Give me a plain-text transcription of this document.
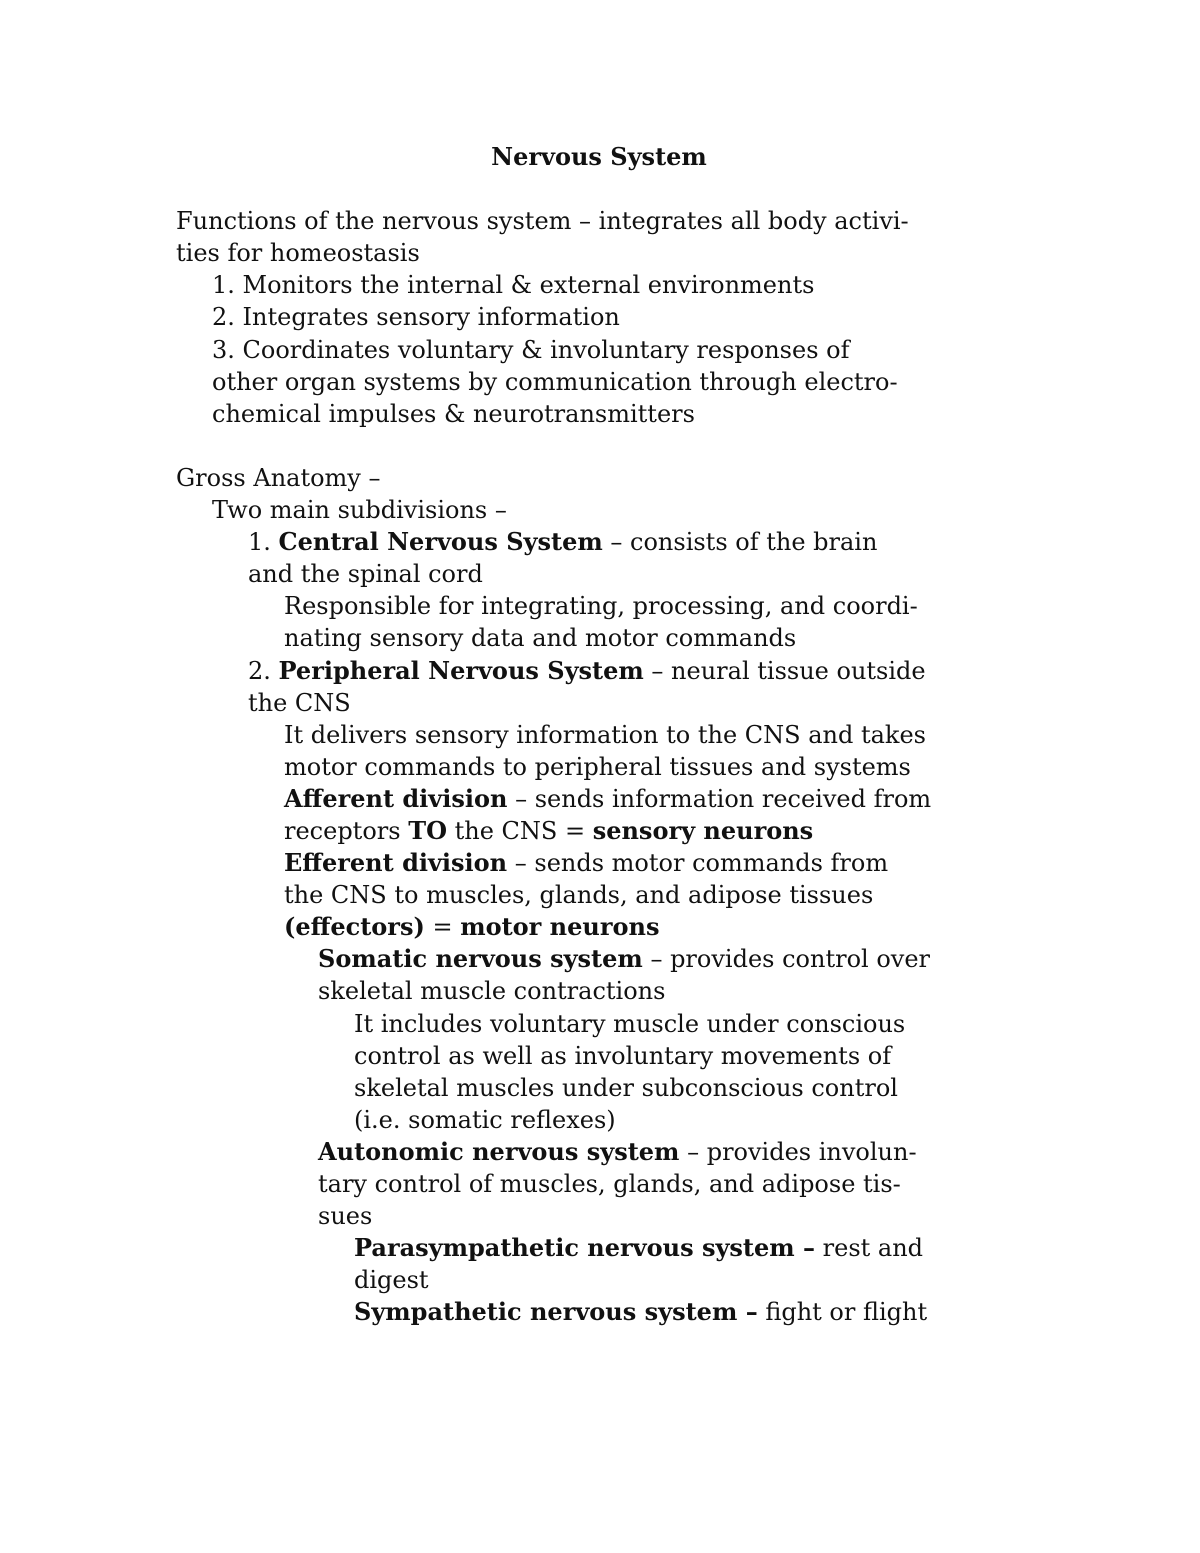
Nervous System
Functions of the nervous system – integrates all body activi-
ties for homeostasis
1. Monitors the internal & external environments
2. Integrates sensory information
3. Coordinates voluntary & involuntary responses of
other organ systems by communication through electro-
chemical impulses & neurotransmitters
Gross Anatomy –
Two main subdivisions –
1. Central Nervous System – consists of the brain
and the spinal cord
Responsible for integrating, processing, and coordi-
nating sensory data and motor commands
2. Peripheral Nervous System – neural tissue outside
the CNS
It delivers sensory information to the CNS and takes
motor commands to peripheral tissues and systems
Afferent division – sends information received from
receptors TO the CNS = sensory neurons
Efferent division – sends motor commands from
the CNS to muscles, glands, and adipose tissues
(effectors) = motor neurons
Somatic nervous system – provides control over
skeletal muscle contractions
It includes voluntary muscle under conscious
control as well as involuntary movements of
skeletal muscles under subconscious control
(i.e. somatic reflexes)
Autonomic nervous system – provides involun-
tary control of muscles, glands, and adipose tis-
sues
Parasympathetic nervous system – rest and
digest
Sympathetic nervous system – fight or flight
